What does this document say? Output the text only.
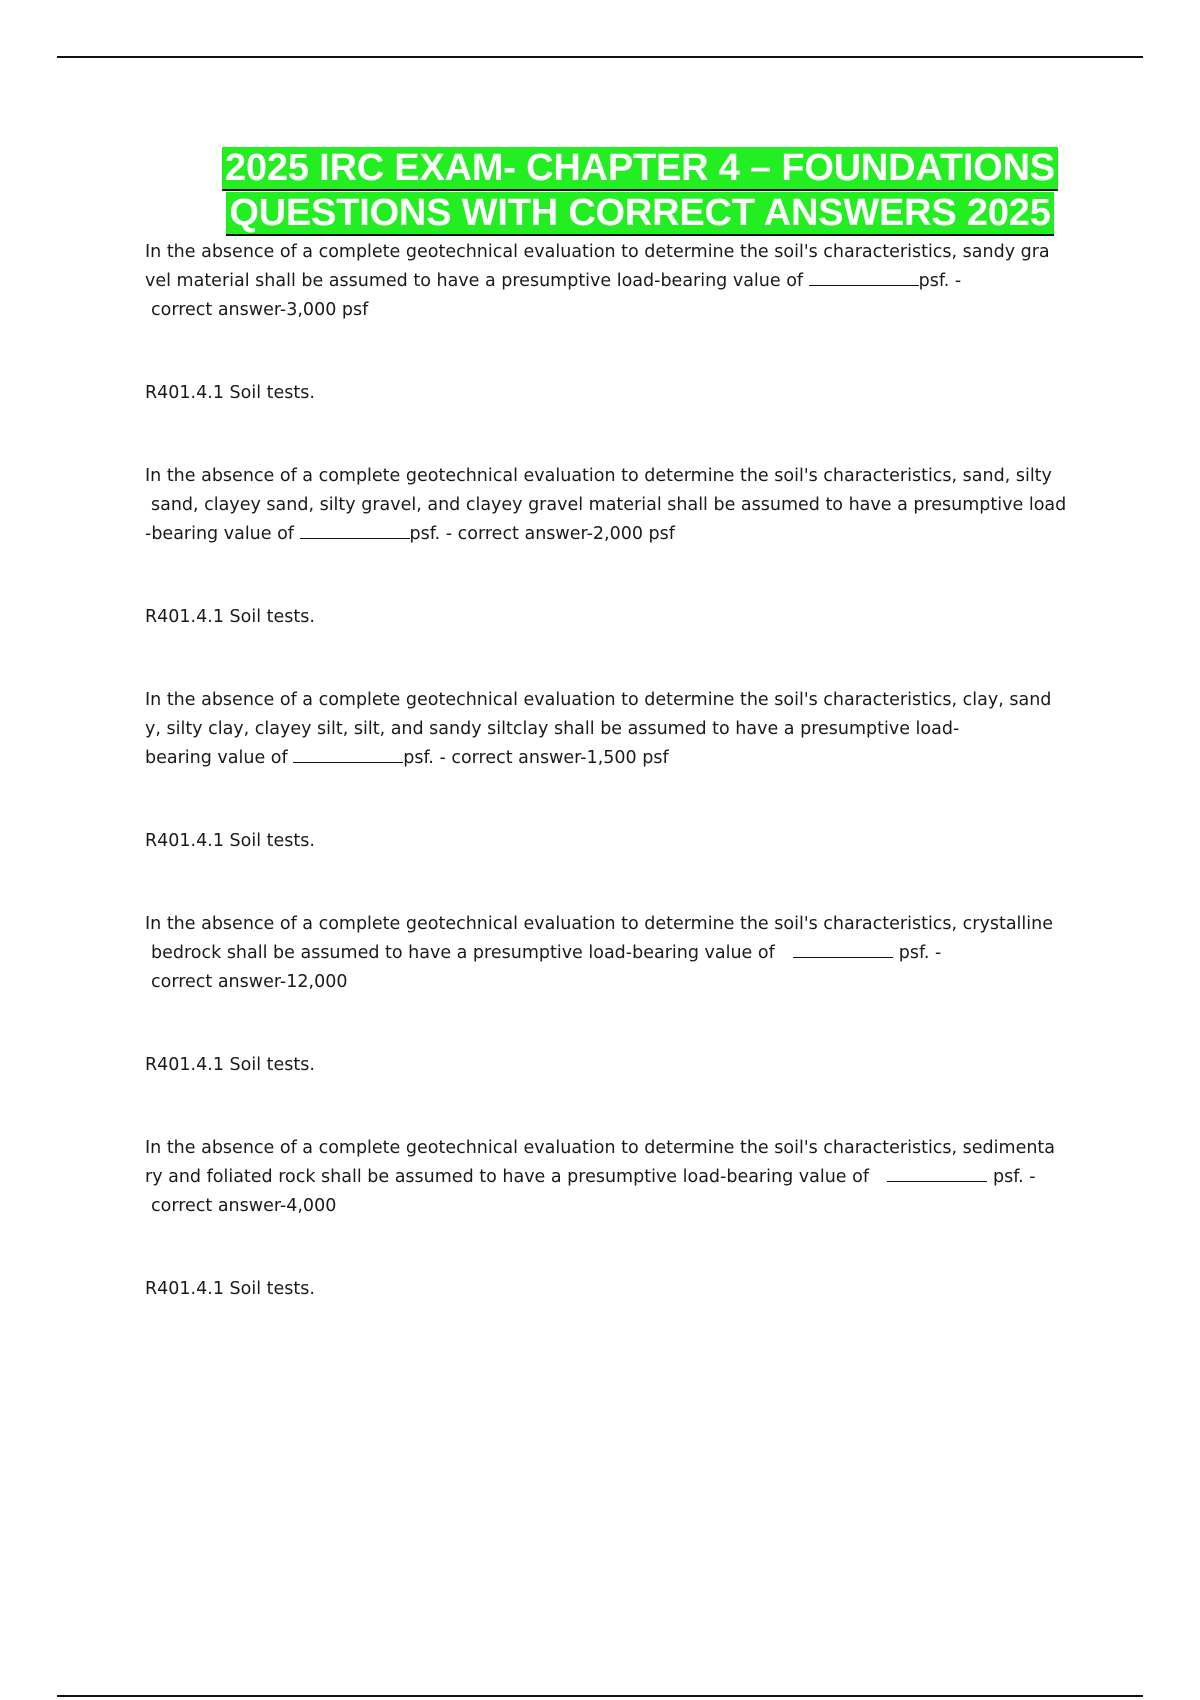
2025 IRC EXAM- CHAPTER 4 – FOUNDATIONS
QUESTIONS WITH CORRECT ANSWERS 2025
In the absence of a complete geotechnical evaluation to determine the soil's characteristics, sandy gra
vel material shall be assumed to have a presumptive load-bearing value of	psf. -
correct answer-3,000 psf

R401.4.1 Soil tests.

In the absence of a complete geotechnical evaluation to determine the soil's characteristics, sand, silty
sand, clayey sand, silty gravel, and clayey gravel material shall be assumed to have a presumptive load
-bearing value of	psf. - correct answer-2,000 psf

R401.4.1 Soil tests.

In the absence of a complete geotechnical evaluation to determine the soil's characteristics, clay, sand
y, silty clay, clayey silt, silt, and sandy siltclay shall be assumed to have a presumptive load-
bearing value of	psf. - correct answer-1,500 psf

R401.4.1 Soil tests.

In the absence of a complete geotechnical evaluation to determine the soil's characteristics, crystalline
bedrock shall be assumed to have a presumptive load-bearing value of	psf. -
correct answer-12,000

R401.4.1 Soil tests.

In the absence of a complete geotechnical evaluation to determine the soil's characteristics, sedimenta
ry and foliated rock shall be assumed to have a presumptive load-bearing value of	psf. -
correct answer-4,000

R401.4.1 Soil tests.
